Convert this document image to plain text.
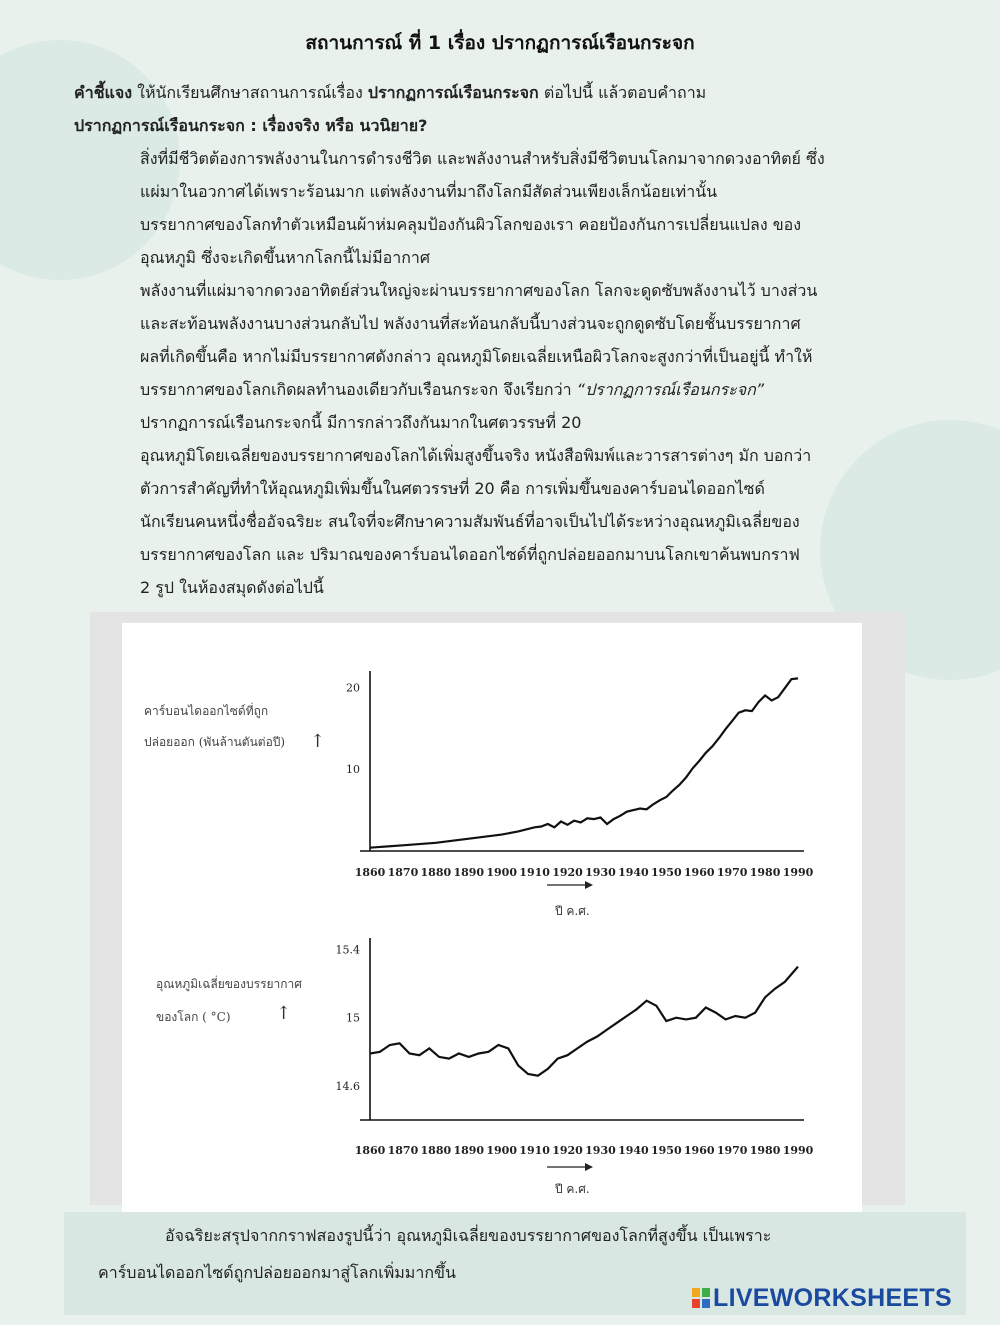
สถานการณ์ ที่ 1 เรื่อง ปรากฏการณ์เรือนกระจก
คำชี้แจง ให้นักเรียนศึกษาสถานการณ์เรื่อง ปรากฏการณ์เรือนกระจก ต่อไปนี้ แล้วตอบคำถาม
ปรากฏการณ์เรือนกระจก : เรื่องจริง หรือ นวนิยาย?
สิ่งที่มีชีวิตต้องการพลังงานในการดำรงชีวิต และพลังงานสำหรับสิ่งมีชีวิตบนโลกมาจากดวงอาทิตย์ ซึ่ง
แผ่มาในอวกาศได้เพราะร้อนมาก แต่พลังงานที่มาถึงโลกมีสัดส่วนเพียงเล็กน้อยเท่านั้น
บรรยากาศของโลกทำตัวเหมือนผ้าห่มคลุมป้องกันผิวโลกของเรา คอยป้องกันการเปลี่ยนแปลง ของ
อุณหภูมิ ซึ่งจะเกิดขึ้นหากโลกนี้ไม่มีอากาศ
พลังงานที่แผ่มาจากดวงอาทิตย์ส่วนใหญ่จะผ่านบรรยากาศของโลก โลกจะดูดซับพลังงานไว้ บางส่วน
และสะท้อนพลังงานบางส่วนกลับไป พลังงานที่สะท้อนกลับนี้บางส่วนจะถูกดูดซับโดยชั้นบรรยากาศ
ผลที่เกิดขึ้นคือ หากไม่มีบรรยากาศดังกล่าว อุณหภูมิโดยเฉลี่ยเหนือผิวโลกจะสูงกว่าที่เป็นอยู่นี้ ทำให้
บรรยากาศของโลกเกิดผลทำนองเดียวกับเรือนกระจก จึงเรียกว่า “ปรากฏการณ์เรือนกระจก”
ปรากฏการณ์เรือนกระจกนี้ มีการกล่าวถึงกันมากในศตวรรษที่ 20
อุณหภูมิโดยเฉลี่ยของบรรยากาศของโลกได้เพิ่มสูงขึ้นจริง หนังสือพิมพ์และวารสารต่างๆ มัก บอกว่า
ตัวการสำคัญที่ทำให้อุณหภูมิเพิ่มขึ้นในศตวรรษที่ 20 คือ การเพิ่มขึ้นของคาร์บอนไดออกไซด์
นักเรียนคนหนึ่งชื่ออัจฉริยะ สนใจที่จะศึกษาความสัมพันธ์ที่อาจเป็นไปได้ระหว่างอุณหภูมิเฉลี่ยของ
บรรยากาศของโลก และ ปริมาณของคาร์บอนไดออกไซด์ที่ถูกปล่อยออกมาบนโลกเขาค้นพบกราฟ
2 รูป ในห้องสมุดดังต่อไปนี้
คาร์บอนไดออกไซด์ที่ถูก
ปล่อยออก (พันล้านตันต่อปี) ↑
ปี ค.ศ.
10
20
1860 1870 1880 1890 1900 1910 1920 1930 1940 1950 1960 1970 1980 1990
อุณหภูมิเฉลี่ยของบรรยากาศ
ของโลก ( °C)	↑
ปี ค.ศ.
14.6
15
15.4
1860 1870 1880 1890 1900 1910 1920 1930 1940 1950 1960 1970 1980 1990
อัจฉริยะสรุปจากกราฟสองรูปนี้ว่า อุณหภูมิเฉลี่ยของบรรยากาศของโลกที่สูงขึ้น เป็นเพราะ
คาร์บอนไดออกไซด์ถูกปล่อยออกมาสู่โลกเพิ่มมากขึ้น
LIVEWORKSHEETS
